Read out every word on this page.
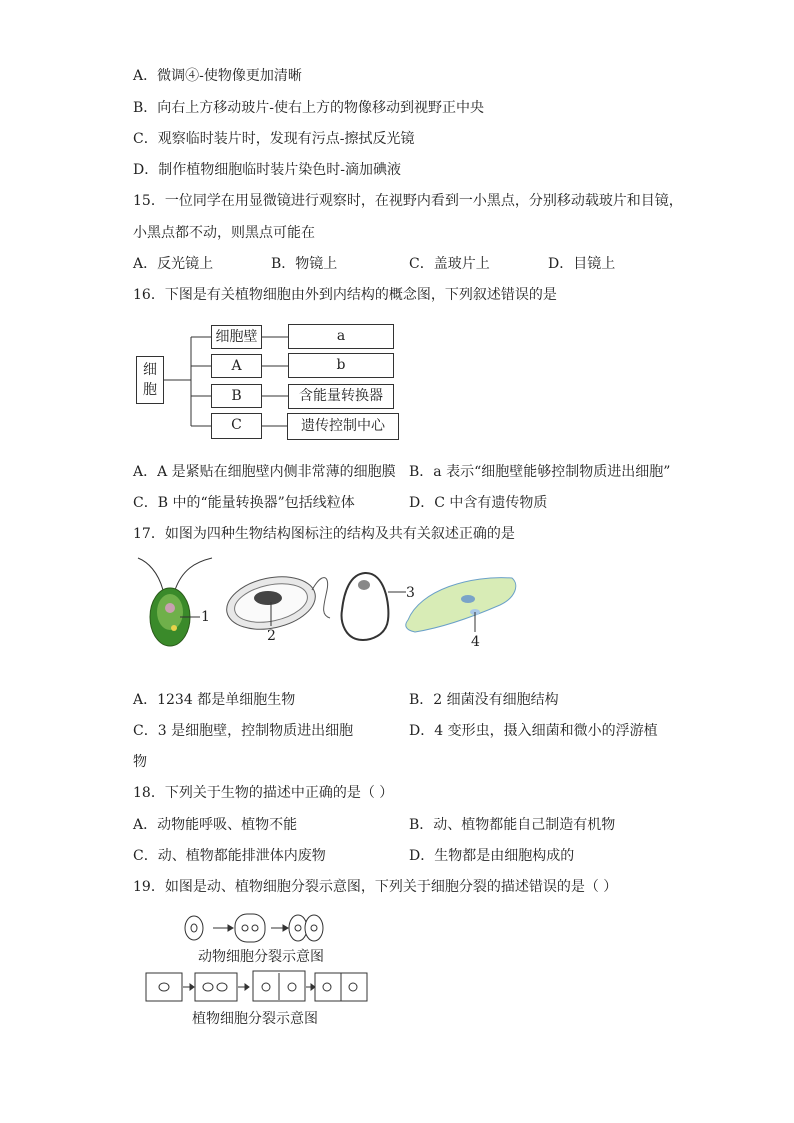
A．微调④-使物像更加清晰
B．向右上方移动玻片-使右上方的物像移动到视野正中央
C．观察临时装片时，发现有污点-擦拭反光镜
D．制作植物细胞临时装片染色时-滴加碘液
15．一位同学在用显微镜进行观察时，在视野内看到一小黑点，分别移动载玻片和目镜，
小黑点都不动，则黑点可能在
A．反光镜上	B．物镜上	C．盖玻片上	D．目镜上
16．下图是有关植物细胞由外到内结构的概念图，下列叙述错误的是
细
胞
细胞壁
A
B
C
a
b
含能量转换器
遗传控制中心
A．A 是紧贴在细胞壁内侧非常薄的细胞膜 B．a 表示“细胞壁能够控制物质进出细胞”
C．B 中的“能量转换器”包括线粒体	D．C 中含有遗传物质
17．如图为四种生物结构图标注的结构及共有关叙述正确的是
1
2
3
4
A．1234 都是单细胞生物	B．2 细菌没有细胞结构
C．3 是细胞壁，控制物质进出细胞	D．4 变形虫，摄入细菌和微小的浮游植
物
18．下列关于生物的描述中正确的是（ ）
A．动物能呼吸、植物不能	B．动、植物都能自己制造有机物
C．动、植物都能排泄体内废物	D．生物都是由细胞构成的
19．如图是动、植物细胞分裂示意图，下列关于细胞分裂的描述错误的是（ ）
动物细胞分裂示意图
植物细胞分裂示意图
